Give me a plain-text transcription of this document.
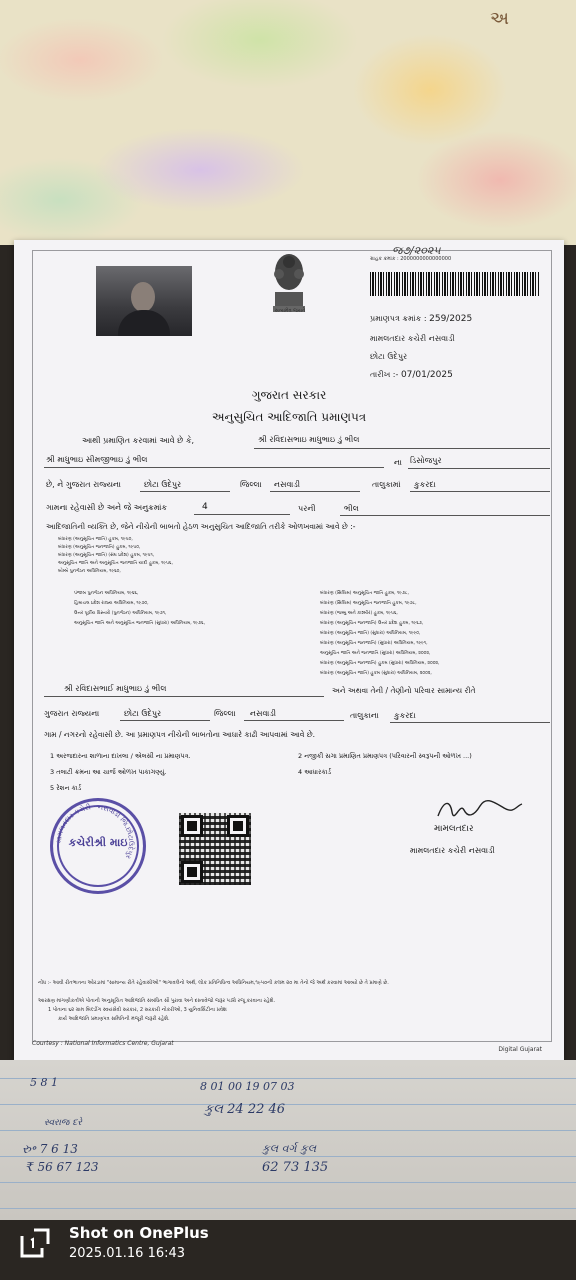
અ
સત્યમેવ જયતે
જ૭/૨૦૨૫
ગ્રાહક ક્રમાંક : 2000000000000000
પ્રમાણપત્ર ક્રમાંક : 259/2025
મામલતદાર કચેરી નસવાડી
છોટા ઉદેપુર
તારીખ :- 07/01/2025
ગુજરાત સરકાર
અનુસુચિત આદિજાતિ પ્રમાણપત્ર
આથી પ્રમાણિત કરવામાં આવે છે કે,	શ્રી રવિદાસભાઇ માધુભાઇ ડું ભીલ
શ્રી માધુભાઇ સીમજીભાઇ ડું ભીલ	ના ડિસોજપુર
છે, ને ગુજરાત રાજ્યના	છોટા ઉદેપુર	જિલ્લા નસવાડી	તાલુકામાં કુકરદા
ગામના રહેવાસી છે અને જે અનુક્રમાંક	4	પરની	ભીલ
આદિજાતિની વ્યક્તિ છે, જેને નીચેની બાબતો હેઠળ અનુસુચિત આદિજાતિ તરીકે ઓળખવામાં આવે છે :-
બંધારણ (અનુસૂચિત જાતિ) હુકમ, ૧૯૫૦,
બંધારણ (અનુસૂચિત જનજાતિ) હુકમ, ૧૯૫૦,
બંધારણ (અનુસૂચિત જાતિ) (સંઘ પ્રદેશ) હુકમ, ૧૯૫૧,
અનુસૂચિત જાતિ અને અનુસૂચિત જનજાતિ યાદી હુકમ, ૧૯૫૬,
બોમ્બે પુનર્ગઠન અધિનિયમ, ૧૯૬૦,
પંજાબ પુનર્ગઠન અધિનિયમ, ૧૯૬૬,
હિમાચલ પ્રદેશ રાજ્ય અધિનિયમ, ૧૯૭૦,
ઉત્તર પૂર્વીય વિસ્તારો (પુનર્ગઠન) અધિનિયમ, ૧૯૭૧,
અનુસૂચિત જાતિ અને અનુસૂચિત જનજાતિ (સુધારા) અધિનિયમ, ૧૯૭૬,
બંધારણ (સિક્કિમ) અનુસૂચિત જાતિ હુકમ, ૧૯૭૮,
બંધારણ (સિક્કિમ) અનુસૂચિત જનજાતિ હુકમ, ૧૯૭૮,
બંધારણ (જમ્મુ અને કાશ્મીર) હુકમ, ૧૯૫૬,
બંધારણ (અનુસૂચિત જનજાતિ) ઉત્તર પ્રદેશ હુકમ, ૧૯૬૭,
બંધારણ (અનુસૂચિત જાતિ) (સુધારા) અધિનિયમ, ૧૯૯૦,
બંધારણ (અનુસૂચિત જનજાતિ) (સુધારા) અધિનિયમ, ૧૯૯૧,
અનુસૂચિત જાતિ અને જનજાતિ (સુધારા) અધિનિયમ, ૨૦૦૨,
બંધારણ (અનુસૂચિત જનજાતિ) હુકમ (સુધારા) અધિનિયમ, ૨૦૦૨,
બંધારણ (અનુસૂચિત જાતિ) હુકમ (સુધારા) અધિનિયમ, ૨૦૦૨,
શ્રી રવિદાસભાઈ માધુભાઇ ડું ભીલ	અને અથવા તેની / તેણીનો પરિવાર સામાન્ય રીતે
ગુજરાત રાજ્યના	છોટા ઉદેપુર	જિલ્લા નસવાડી	તાલુકાના કુકરદા
ગામ / નગરનો રહેવાસી છે. આ પ્રમાણપત્ર નીચેની બાબતોના આધારે કાઢી આપવામાં આવે છે.
1 અરજદારના શાળાના દાખલા / એલસી ના પ્રમાણપત્ર.	2 નજીકી સગા પ્રમાણિત પ્રમાણપત્ર (પરિવારની સ્વરૂપની ઓળખ ...)
3 તલાટી ક્રમના આ ચાર્જ ઓળખ પાકાગણ્યું.	4 આધારકાર્ડ
5 રેશન કાર્ડ
મામલતદાર
મામલતદાર કચેરી નસવાડી
મામલતદાર કચેરી · નસવાડી જિ.છોટાઉદેપુર
કચેરીશ્રી માઇ
નોંધ :- આવી રીતભાતના ઓરડામાં "સામાન્ય રીતે રહેવાસીઓ" ભાગાવલેનો અર્થ, લોક પ્રતિનિધિત્વ અધિનિયમ,૧૯૫૦ની કલમ ૨૦ મા તેનો જે અર્થ કરવામાં આવ્યો છે તે પ્રમાણે છે.
આરક્ષણ માંગણીકર્તાએ પોતાની અનુસૂચિત આદિજાતિ સંબંધિત સૌ પુરાવા અને દસ્તાવેજો જરૂર પડ્યે રજૂ કરવાના રહેશે.
1 પોતાના ૬૨ ગ્રામ બિલ્ડીંગ સ્વયંસેવી સરકાર, 2 સરકારી નોકરીઓ, 3 યુનિવર્સિટીના પ્રવેશ
કાર્ય આદિજાતિ પ્રમાણપત્ર સમિતિની મંજૂરી જરૂરી રહેશે.
Courtesy : National Informatics Centre, Gujarat
Digital Gujarat
5 8 1	8 01 00 19 07 03
કુલ 24 22 46
સ્વરાજ દરે
રુ॰ 7 6 13
₹ 56 67 123
કુલ વર્ગ કુલ
62 73 135
Shot on OnePlus
2025.01.16 16:43
